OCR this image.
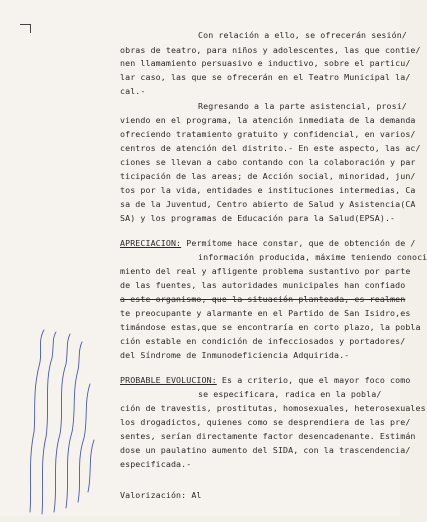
Con relación a ello, se ofrecerán sesión/
obras de teatro, para niños y adolescentes, las que contie/
nen llamamiento persuasivo e inductivo, sobre el particu/
lar caso, las que se ofrecerán en el Teatro Municipal la/
cal.-
Regresando a la parte asistencial, prosi/
viendo en el programa, la atención inmediata de la demanda
ofreciendo tratamiento gratuito y confidencial, en varios/
centros de atención del distrito.- En este aspecto, las ac/
ciones se llevan a cabo contando con la colaboración y par
ticipación de las areas; de Acción social, minoridad, jun/
tos por la vida, entidades e instituciones intermedias, Ca
sa de la Juventud, Centro abierto de Salud y Asistencia(CA
SA) y los programas de Educación para la Salud(EPSA).-
APRECIACION: Permítome hace constar, que de obtención de /
información producida, máxime teniendo conoci
miento del real y afligente problema sustantivo por parte
de las fuentes, las autoridades municipales han confiado
a este organismo, que la situación planteada, es realmen
te preocupante y alarmante en el Partido de San Isidro,es
timándose estas,que se encontraría en corto plazo, la pobla
ción estable en condición de infecciosados y portadores/
del Síndrome de Inmunodeficiencia Adquirida.-
PROBABLE EVOLUCION: Es a criterio, que el mayor foco como
se especificara, radica en la pobla/
ción de travestis, prostitutas, homosexuales, heterosexuales
los drogadictos, quienes como se desprendiera de las pre/
sentes, serían directamente factor desencadenante. Estimán
dose un paulatino aumento del SIDA, con la trascendencia/
especificada.-
Valorización: Al
